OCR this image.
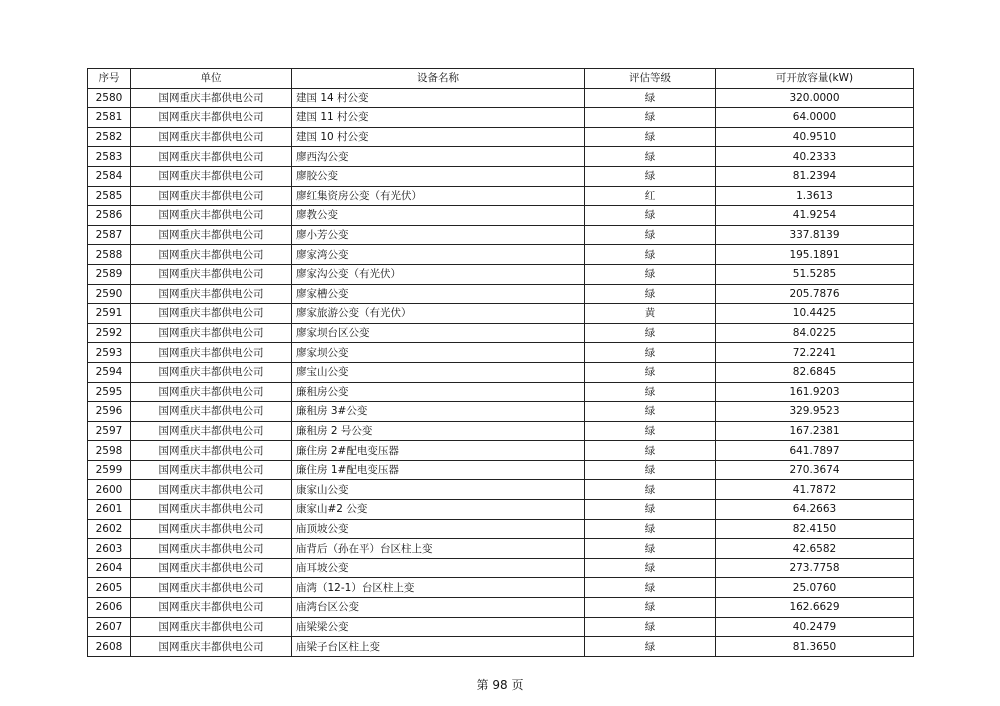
序号	单位	设备名称	评估等级	可开放容量(kW)
2580	国网重庆丰都供电公司	建国 14 村公变	绿	320.0000
2581	国网重庆丰都供电公司	建国 11 村公变	绿	64.0000
2582	国网重庆丰都供电公司	建国 10 村公变	绿	40.9510
2583	国网重庆丰都供电公司	廖西沟公变	绿	40.2333
2584	国网重庆丰都供电公司	廖胶公变	绿	81.2394
2585	国网重庆丰都供电公司	廖红集资房公变（有光伏）	红	1.3613
2586	国网重庆丰都供电公司	廖教公变	绿	41.9254
2587	国网重庆丰都供电公司	廖小芳公变	绿	337.8139
2588	国网重庆丰都供电公司	廖家湾公变	绿	195.1891
2589	国网重庆丰都供电公司	廖家沟公变（有光伏）	绿	51.5285
2590	国网重庆丰都供电公司	廖家槽公变	绿	205.7876
2591	国网重庆丰都供电公司	廖家旅游公变（有光伏）	黄	10.4425
2592	国网重庆丰都供电公司	廖家坝台区公变	绿	84.0225
2593	国网重庆丰都供电公司	廖家坝公变	绿	72.2241
2594	国网重庆丰都供电公司	廖宝山公变	绿	82.6845
2595	国网重庆丰都供电公司	廉租房公变	绿	161.9203
2596	国网重庆丰都供电公司	廉租房 3#公变	绿	329.9523
2597	国网重庆丰都供电公司	廉租房 2 号公变	绿	167.2381
2598	国网重庆丰都供电公司	廉住房 2#配电变压器	绿	641.7897
2599	国网重庆丰都供电公司	廉住房 1#配电变压器	绿	270.3674
2600	国网重庆丰都供电公司	康家山公变	绿	41.7872
2601	国网重庆丰都供电公司	康家山#2 公变	绿	64.2663
2602	国网重庆丰都供电公司	庙顶坡公变	绿	82.4150
2603	国网重庆丰都供电公司	庙背后（孙在平）台区柱上变	绿	42.6582
2604	国网重庆丰都供电公司	庙耳坡公变	绿	273.7758
2605	国网重庆丰都供电公司	庙湾（12-1）台区柱上变	绿	25.0760
2606	国网重庆丰都供电公司	庙湾台区公变	绿	162.6629
2607	国网重庆丰都供电公司	庙梁梁公变	绿	40.2479
2608	国网重庆丰都供电公司	庙梁子台区柱上变	绿	81.3650
第 98 页
